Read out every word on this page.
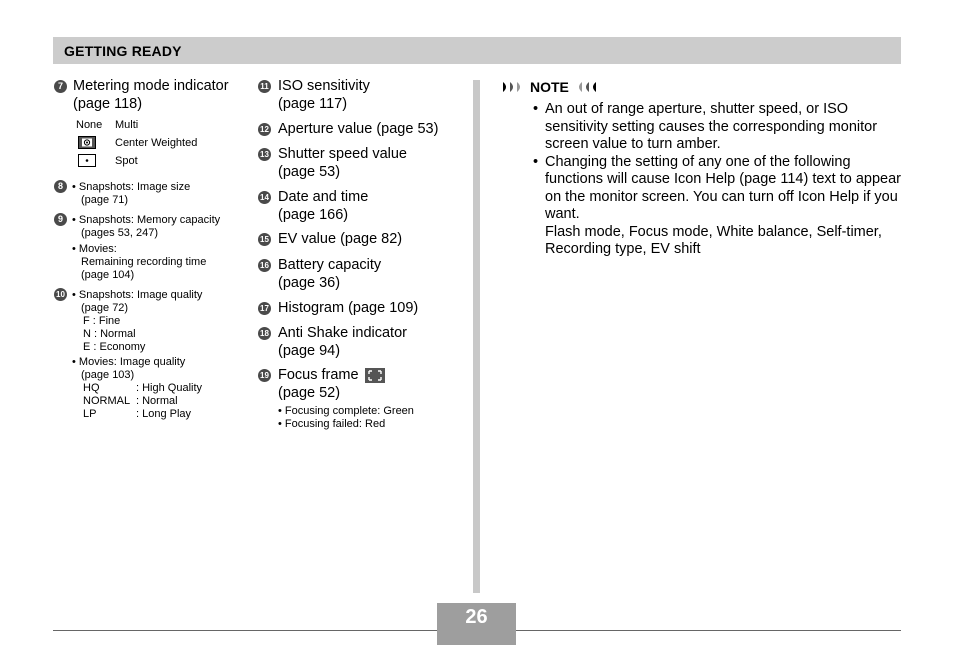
GETTING READY
7 Metering mode indicator
(page 118)
None Multi
Center Weighted
Spot
8 • Snapshots: Image size
(page 71)
9 • Snapshots: Memory capacity
(pages 53, 247)
• Movies:
Remaining recording time
(page 104)
10 • Snapshots: Image quality
(page 72)
F : Fine
N : Normal
E : Economy
• Movies: Image quality
(page 103)
HQ	: High Quality
NORMAL : Normal
LP	: Long Play
11 ISO sensitivity
(page 117)
12 Aperture value (page 53)
13 Shutter speed value
(page 53)
14 Date and time
(page 166)
15 EV value (page 82)
16 Battery capacity
(page 36)
17 Histogram (page 109)
18 Anti Shake indicator
(page 94)
19 Focus frame
(page 52)
• Focusing complete: Green
• Focusing failed: Red
NOTE
• An out of range aperture, shutter speed, or ISO sensitivity setting causes the corresponding monitor screen value to turn amber.
• Changing the setting of any one of the following functions will cause Icon Help (page 114) text to appear on the monitor screen. You can turn off Icon Help if you want.
Flash mode, Focus mode, White balance, Self-timer, Recording type, EV shift
26
